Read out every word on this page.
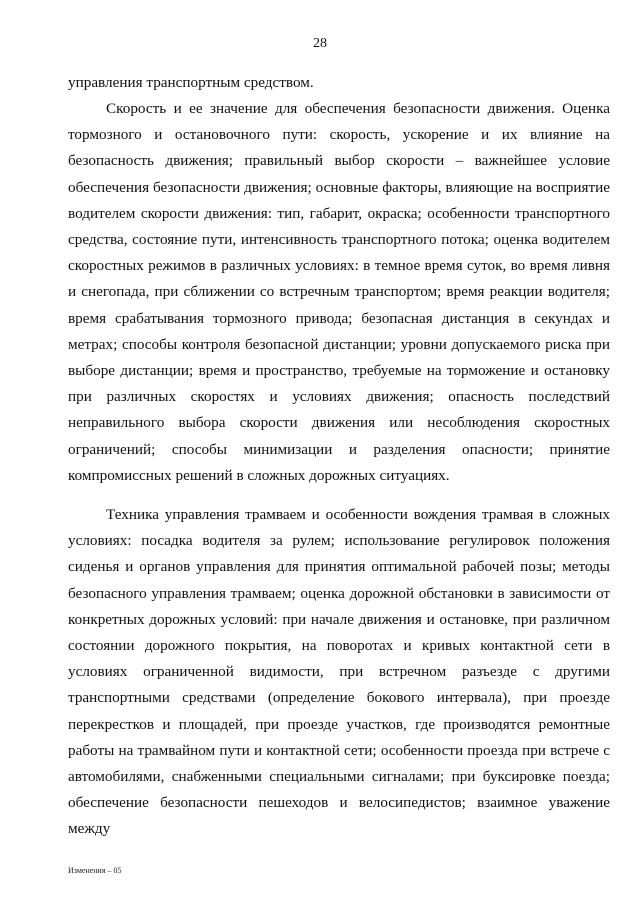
28

управления транспортным средством.

Скорость и ее значение для обеспечения безопасности движения. Оценка тормозного и остановочного пути: скорость, ускорение и их влияние на безопасность движения; правильный выбор скорости – важнейшее условие обеспечения безопасности движения; основные факторы, влияющие на восприятие водителем скорости движения: тип, габарит, окраска; особенности транспортного средства, состояние пути, интенсивность транспортного потока; оценка водителем скоростных режимов в различных условиях: в темное время суток, во время ливня и снегопада, при сближении со встречным транспортом; время реакции водителя; время срабатывания тормозного привода; безопасная дистанция в секундах и метрах; способы контроля безопасной дистанции; уровни допускаемого риска при выборе дистанции; время и пространство, требуемые на торможение и остановку при различных скоростях и условиях движения; опасность последствий неправильного выбора скорости движения или несоблюдения скоростных ограничений; способы минимизации и разделения опасности; принятие компромиссных решений в сложных дорожных ситуациях.

Техника управления трамваем и особенности вождения трамвая в сложных условиях: посадка водителя за рулем; использование регулировок положения сиденья и органов управления для принятия оптимальной рабочей позы; методы безопасного управления трамваем; оценка дорожной обстановки в зависимости от конкретных дорожных условий: при начале движения и остановке, при различном состоянии дорожного покрытия, на поворотах и кривых контактной сети в условиях ограниченной видимости, при встречном разъезде с другими транспортными средствами (определение бокового интервала), при проезде перекрестков и площадей, при проезде участков, где производятся ремонтные работы на трамвайном пути и контактной сети; особенности проезда при встрече с автомобилями, снабженными специальными сигналами; при буксировке поезда; обеспечение безопасности пешеходов и велосипедистов; взаимное уважение между

Изменения – 05
